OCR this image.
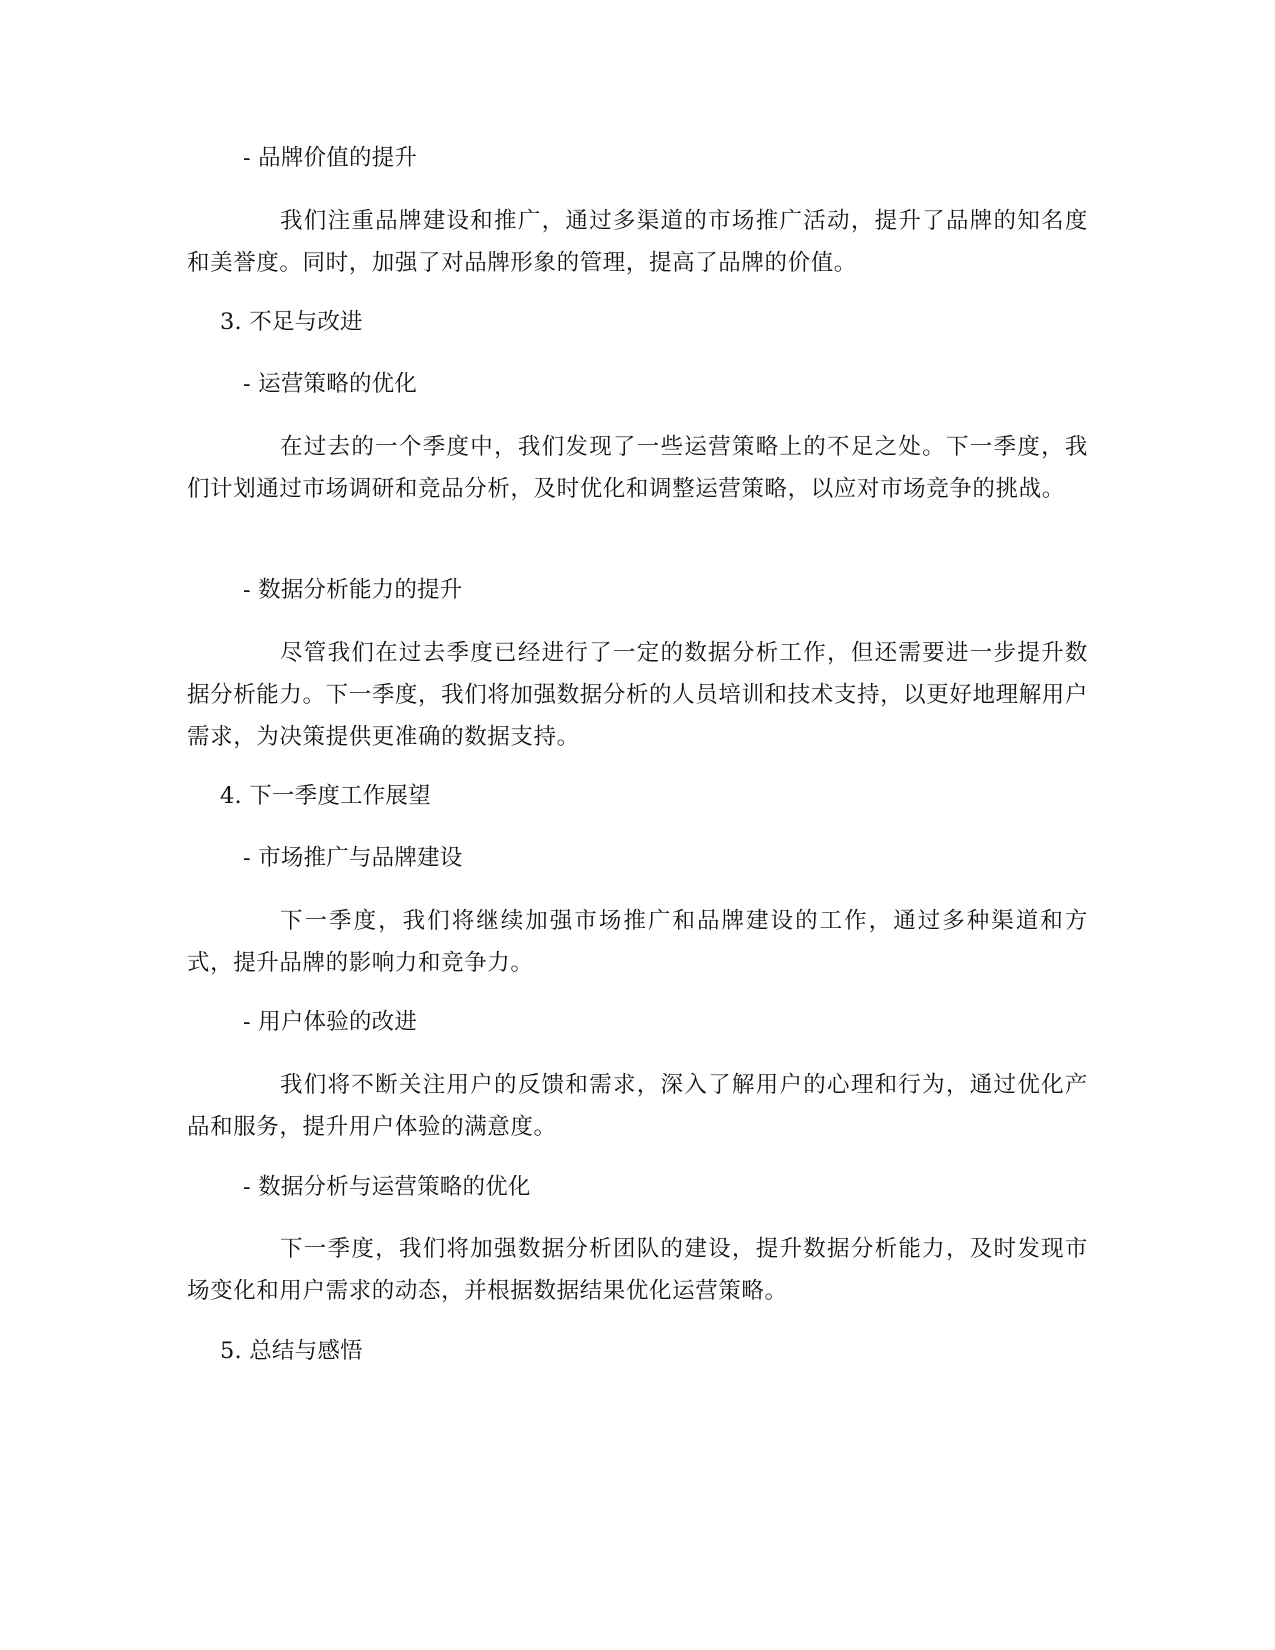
- 品牌价值的提升
我们注重品牌建设和推广，通过多渠道的市场推广活动，提升了品牌的知名度和美誉度。同时，加强了对品牌形象的管理，提高了品牌的价值。
3. 不足与改进
- 运营策略的优化
在过去的一个季度中，我们发现了一些运营策略上的不足之处。下一季度，我们计划通过市场调研和竞品分析，及时优化和调整运营策略，以应对市场竞争的挑战。
- 数据分析能力的提升
尽管我们在过去季度已经进行了一定的数据分析工作，但还需要进一步提升数据分析能力。下一季度，我们将加强数据分析的人员培训和技术支持，以更好地理解用户需求，为决策提供更准确的数据支持。
4. 下一季度工作展望
- 市场推广与品牌建设
下一季度，我们将继续加强市场推广和品牌建设的工作，通过多种渠道和方式，提升品牌的影响力和竞争力。
- 用户体验的改进
我们将不断关注用户的反馈和需求，深入了解用户的心理和行为，通过优化产品和服务，提升用户体验的满意度。
- 数据分析与运营策略的优化
下一季度，我们将加强数据分析团队的建设，提升数据分析能力，及时发现市场变化和用户需求的动态，并根据数据结果优化运营策略。
5. 总结与感悟
